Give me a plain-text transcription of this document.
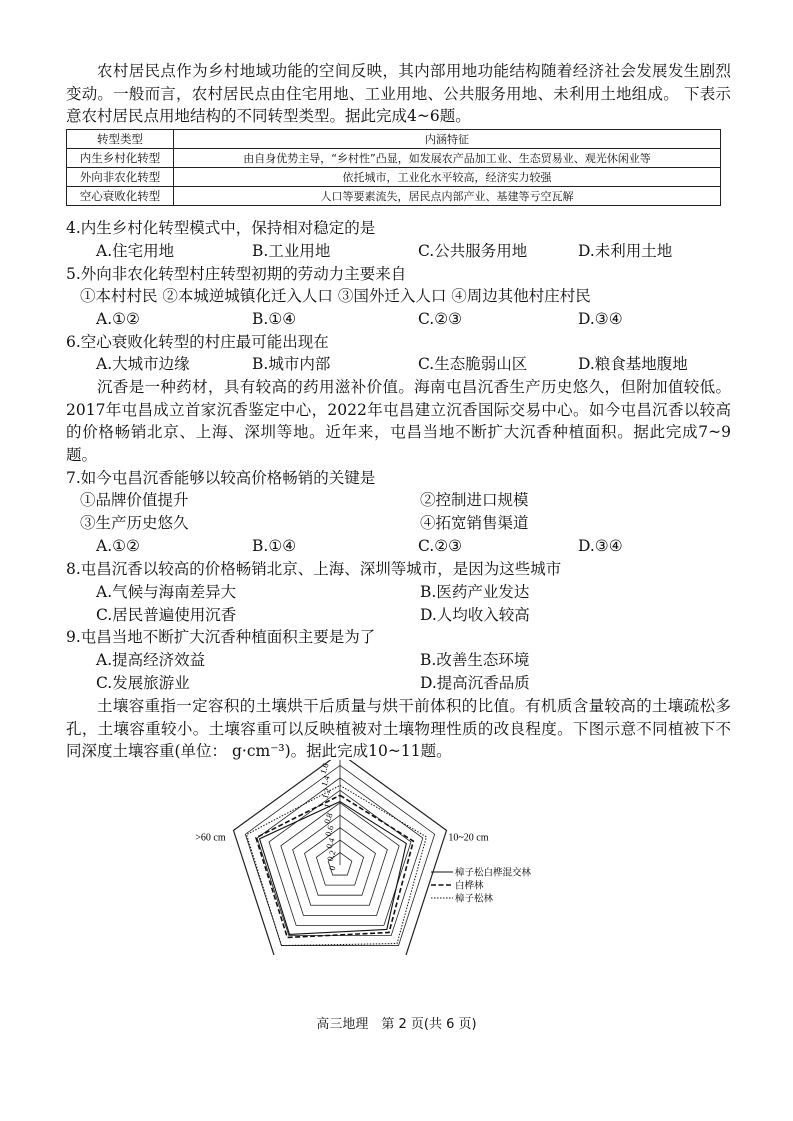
农村居民点作为乡村地域功能的空间反映，其内部用地功能结构随着经济社会发展发生剧烈变动。一般而言，农村居民点由住宅用地、工业用地、公共服务用地、未利用土地组成。 下表示意农村居民点用地结构的不同转型类型。据此完成4~6题。
转型类型	内涵特征
内生乡村化转型	由自身优势主导，“乡村性”凸显，如发展农产品加工业、生态贸易业、观光休闲业等
外向非农化转型	依托城市，工业化水平较高，经济实力较强
空心衰败化转型	人口等要素流失，居民点内部产业、基建等亏空瓦解
4.内生乡村化转型模式中，保持相对稳定的是
A.住宅用地	B.工业用地	C.公共服务用地	D.未利用土地
5.外向非农化转型村庄转型初期的劳动力主要来自
①本村村民 ②本城逆城镇化迁入人口 ③国外迁入人口 ④周边其他村庄村民
A.①②	B.①④	C.②③	D.③④
6.空心衰败化转型的村庄最可能出现在
A.大城市边缘	B.城市内部	C.生态脆弱山区	D.粮食基地腹地
沉香是一种药材，具有较高的药用滋补价值。海南屯昌沉香生产历史悠久，但附加值较低。2017年屯昌成立首家沉香鉴定中心，2022年屯昌建立沉香国际交易中心。如今屯昌沉香以较高的价格畅销北京、上海、深圳等地。近年来，屯昌当地不断扩大沉香种植面积。据此完成7~9题。
7.如今屯昌沉香能够以较高价格畅销的关键是
①品牌价值提升	②控制进口规模
③生产历史悠久	④拓宽销售渠道
A.①②	B.①④	C.②③	D.③④
8.屯昌沉香以较高的价格畅销北京、上海、深圳等城市，是因为这些城市
A.气候与海南差异大	B.医药产业发达
C.居民普遍使用沉香	D.人均收入较高
9.屯昌当地不断扩大沉香种植面积主要是为了
A.提高经济效益	B.改善生态环境
C.发展旅游业	D.提高沉香品质
土壤容重指一定容积的土壤烘干后质量与烘干前体积的比值。有机质含量较高的土壤疏松多孔，土壤容重较小。土壤容重可以反映植被对土壤物理性质的改良程度。下图示意不同植被下不同深度土壤容重(单位： g·cm⁻³)。据此完成10~11题。
0
0.2
0.4
0.6
0.8
1
1.2
1.4
1.6
10~20 cm
>60 cm
樟子松白桦混交林
白桦林
樟子松林
高三地理　第 2 页(共 6 页)
